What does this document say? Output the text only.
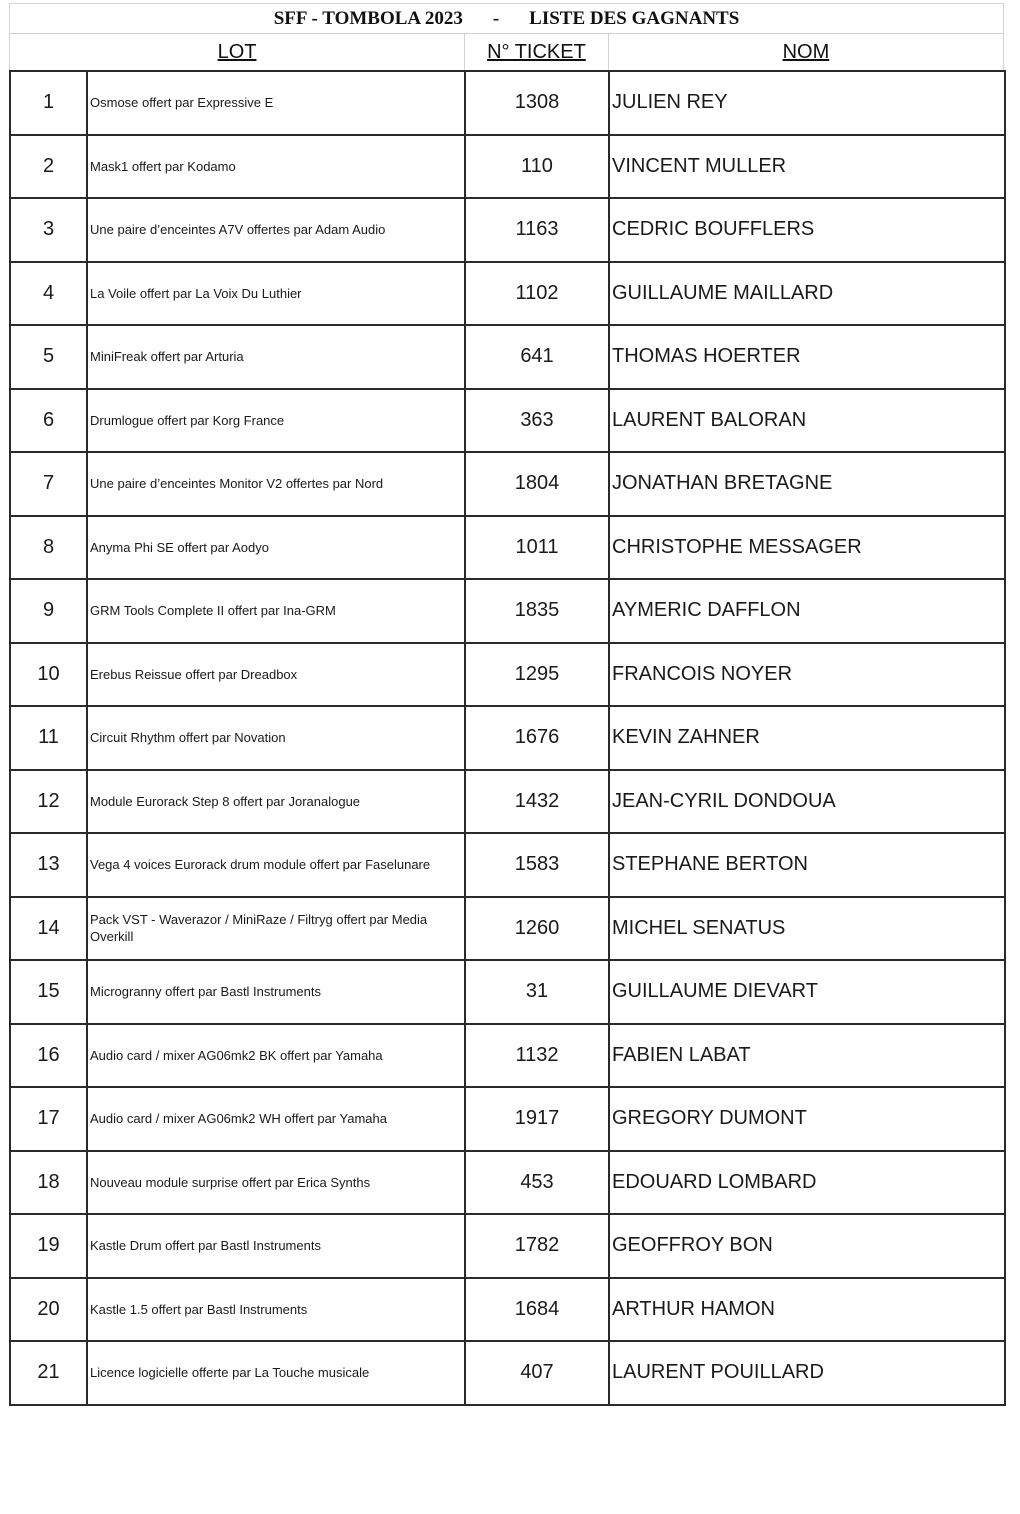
SFF - TOMBOLA 2023 - LISTE DES GAGNANTS
LOT	N° TICKET	NOM
1	Osmose offert par Expressive E	1308	JULIEN REY
2	Mask1 offert par Kodamo	110	VINCENT MULLER
3	Une paire d’enceintes A7V offertes par Adam Audio	1163	CEDRIC BOUFFLERS
4	La Voile offert par La Voix Du Luthier	1102	GUILLAUME MAILLARD
5	MiniFreak offert par Arturia	641	THOMAS HOERTER
6	Drumlogue offert par Korg France	363	LAURENT BALORAN
7	Une paire d’enceintes Monitor V2 offertes par Nord	1804	JONATHAN BRETAGNE
8	Anyma Phi SE offert par Aodyo	1011	CHRISTOPHE MESSAGER
9	GRM Tools Complete II offert par Ina-GRM	1835	AYMERIC DAFFLON
10	Erebus Reissue offert par Dreadbox	1295	FRANCOIS NOYER
11	Circuit Rhythm offert par Novation	1676	KEVIN ZAHNER
12	Module Eurorack Step 8 offert par Joranalogue	1432	JEAN-CYRIL DONDOUA
13	Vega 4 voices Eurorack drum module offert par Faselunare	1583	STEPHANE BERTON
14	Pack VST - Waverazor / MiniRaze / Filtryg offert par Media Overkill	1260	MICHEL SENATUS
15	Microgranny offert par Bastl Instruments	31	GUILLAUME DIEVART
16	Audio card / mixer AG06mk2 BK offert par Yamaha	1132	FABIEN LABAT
17	Audio card / mixer AG06mk2 WH offert par Yamaha	1917	GREGORY DUMONT
18	Nouveau module surprise offert par Erica Synths	453	EDOUARD LOMBARD
19	Kastle Drum offert par Bastl Instruments	1782	GEOFFROY BON
20	Kastle 1.5 offert par Bastl Instruments	1684	ARTHUR HAMON
21	Licence logicielle offerte par La Touche musicale	407	LAURENT POUILLARD
